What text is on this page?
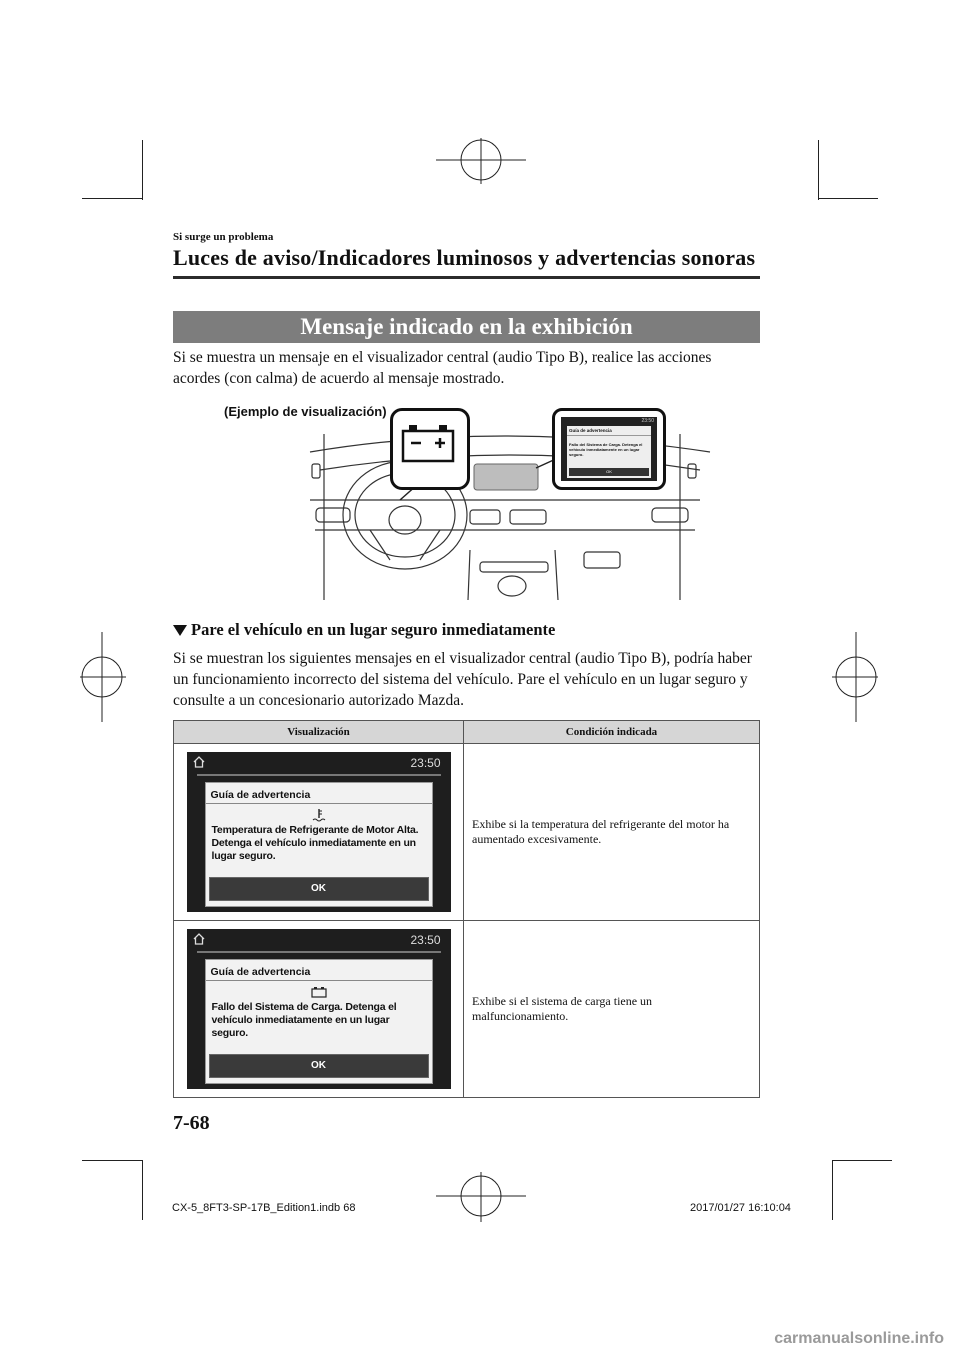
Si surge un problema
Luces de aviso/Indicadores luminosos y advertencias sonoras
Mensaje indicado en la exhibición
Si se muestra un mensaje en el visualizador central (audio Tipo B), realice las acciones acordes (con calma) de acuerdo al mensaje mostrado.
(Ejemplo de visualización)
23:50
Guía de advertencia
Fallo del Sistema de Carga. Detenga el vehículo inmediatamente en un lugar seguro.
OK
Pare el vehículo en un lugar seguro inmediatamente
Si se muestran los siguientes mensajes en el visualizador central (audio Tipo B), podría haber un funcionamiento incorrecto del sistema del vehículo. Pare el vehículo en un lugar seguro y consulte a un concesionario autorizado Mazda.
Visualización	Condición indicada

23:50
Guía de advertencia
Temperatura de Refrigerante de Motor Alta. Detenga el vehículo inmediatamente en un lugar seguro.
OK	Exhibe si la temperatura del refrigerante del motor ha aumentado excesivamente.

23:50
Guía de advertencia
Fallo del Sistema de Carga. Detenga el vehículo inmediatamente en un lugar seguro.
OK	Exhibe si el sistema de carga tiene un malfuncionamiento.
7-68
CX-5_8FT3-SP-17B_Edition1.indb 68	2017/01/27 16:10:04
carmanualsonline.info
